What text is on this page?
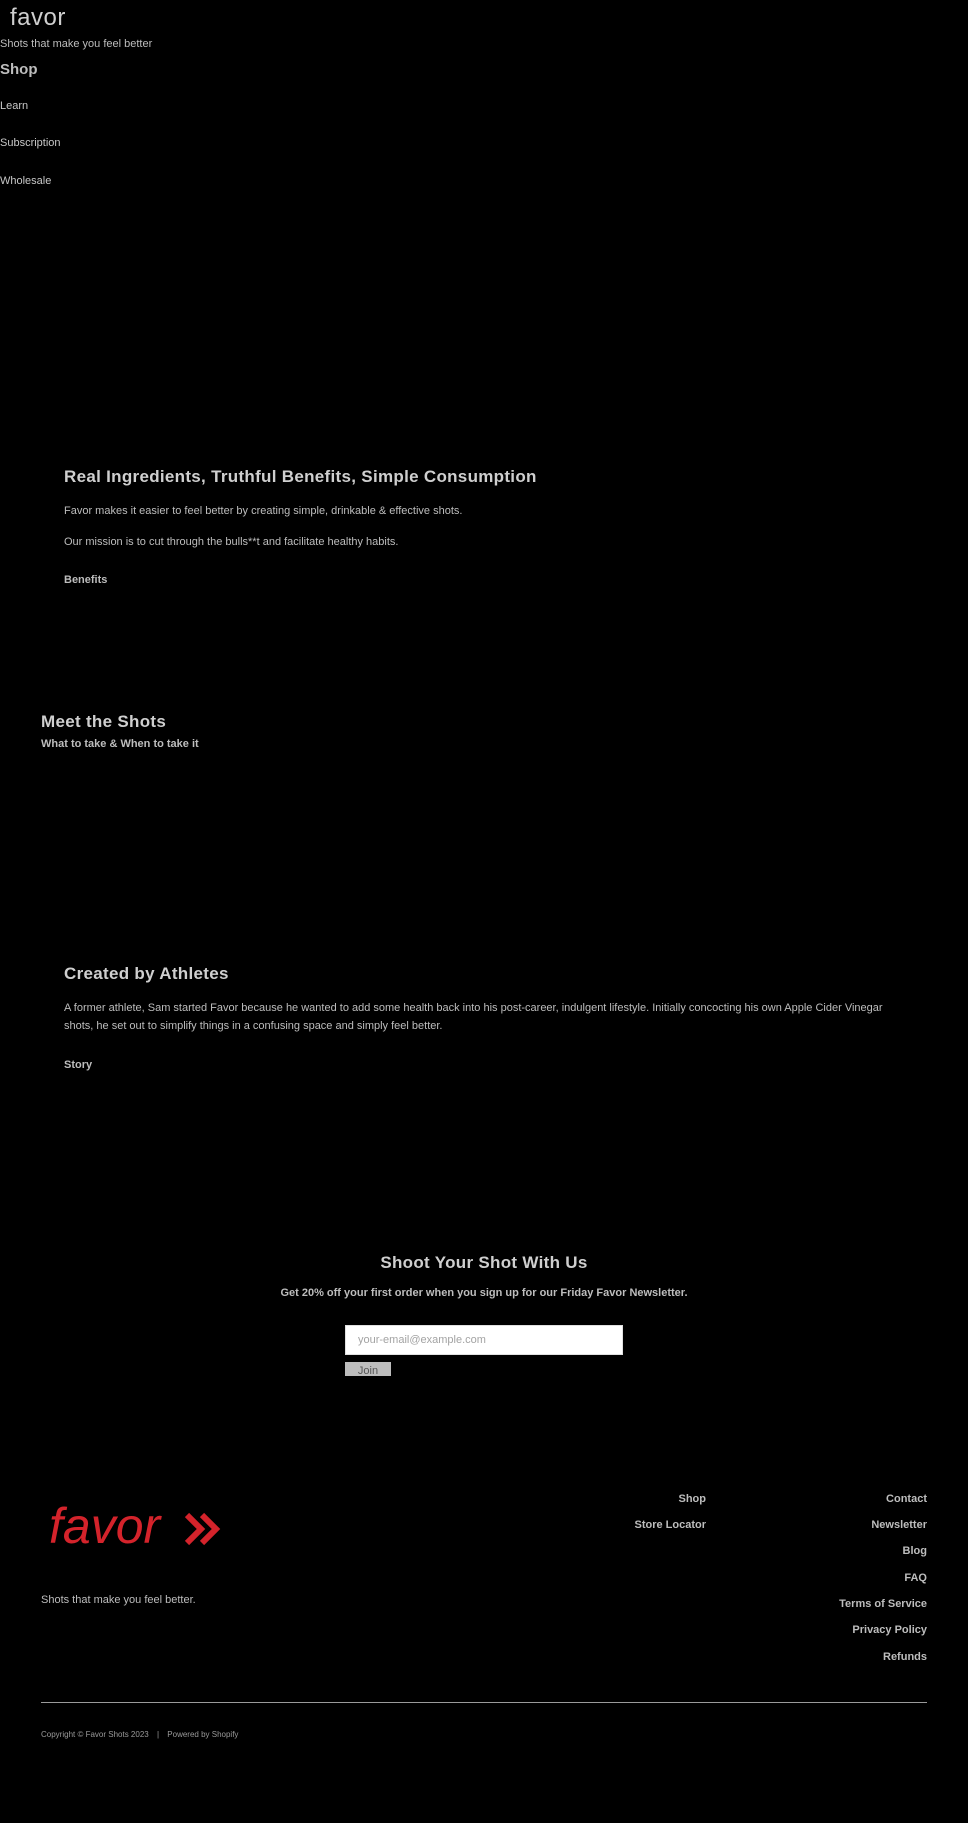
favor
Shots that make you feel better
Shop
Learn
Subscription
Wholesale
Real Ingredients, Truthful Benefits, Simple Consumption
Favor makes it easier to feel better by creating simple, drinkable & effective shots.
Our mission is to cut through the bulls**t and facilitate healthy habits.
Benefits
Meet the Shots
What to take & When to take it
Created by Athletes
A former athlete, Sam started Favor because he wanted to add some health back into his post-career, indulgent lifestyle. Initially concocting his own Apple Cider Vinegar shots, he set out to simplify things in a confusing space and simply feel better.
Story
Shoot Your Shot With Us
Get 20% off your first order when you sign up for our Friday Favor Newsletter.
your-email@example.com
Join
favor
Shots that make you feel better.
Shop
Store Locator
Contact
Newsletter
Blog
FAQ
Terms of Service
Privacy Policy
Refunds
Copyright © Favor Shots 2023 | Powered by Shopify
